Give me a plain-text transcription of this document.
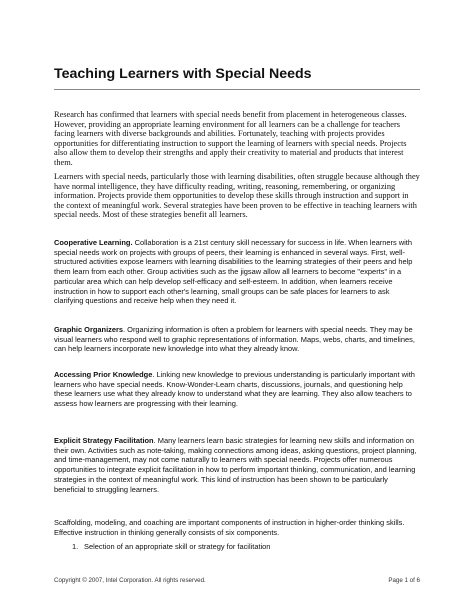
Teaching Learners with Special Needs

Research has confirmed that learners with special needs benefit from placement in heterogeneous classes. However, providing an appropriate learning environment for all learners can be a challenge for teachers facing learners with diverse backgrounds and abilities. Fortunately, teaching with projects provides opportunities for differentiating instruction to support the learning of learners with special needs. Projects also allow them to develop their strengths and apply their creativity to material and products that interest them.

Learners with special needs, particularly those with learning disabilities, often struggle because although they have normal intelligence, they have difficulty reading, writing, reasoning, remembering, or organizing information. Projects provide them opportunities to develop these skills through instruction and support in the context of meaningful work. Several strategies have been proven to be effective in teaching learners with special needs. Most of these strategies benefit all learners.

Cooperative Learning. Collaboration is a 21st century skill necessary for success in life. When learners with special needs work on projects with groups of peers, their learning is enhanced in several ways. First, well-structured activities expose learners with learning disabilities to the learning strategies of their peers and help them learn from each other. Group activities such as the jigsaw allow all learners to become "experts" in a particular area which can help develop self-efficacy and self-esteem. In addition, when learners receive instruction in how to support each other's learning, small groups can be safe places for learners to ask clarifying questions and receive help when they need it.

Graphic Organizers. Organizing information is often a problem for learners with special needs. They may be visual learners who respond well to graphic representations of information. Maps, webs, charts, and timelines, can help learners incorporate new knowledge into what they already know.

Accessing Prior Knowledge. Linking new knowledge to previous understanding is particularly important with learners who have special needs. Know-Wonder-Learn charts, discussions, journals, and questioning help these learners use what they already know to understand what they are learning. They also allow teachers to assess how learners are progressing with their learning.

Explicit Strategy Facilitation. Many learners learn basic strategies for learning new skills and information on their own. Activities such as note-taking, making connections among ideas, asking questions, project planning, and time-management, may not come naturally to learners with special needs. Projects offer numerous opportunities to integrate explicit facilitation in how to perform important thinking, communication, and learning strategies in the context of meaningful work. This kind of instruction has been shown to be particularly beneficial to struggling learners.

Scaffolding, modeling, and coaching are important components of instruction in higher-order thinking skills. Effective instruction in thinking generally consists of six components.

1. Selection of an appropriate skill or strategy for facilitation
Copyright © 2007, Intel Corporation. All rights reserved.	Page 1 of 6
